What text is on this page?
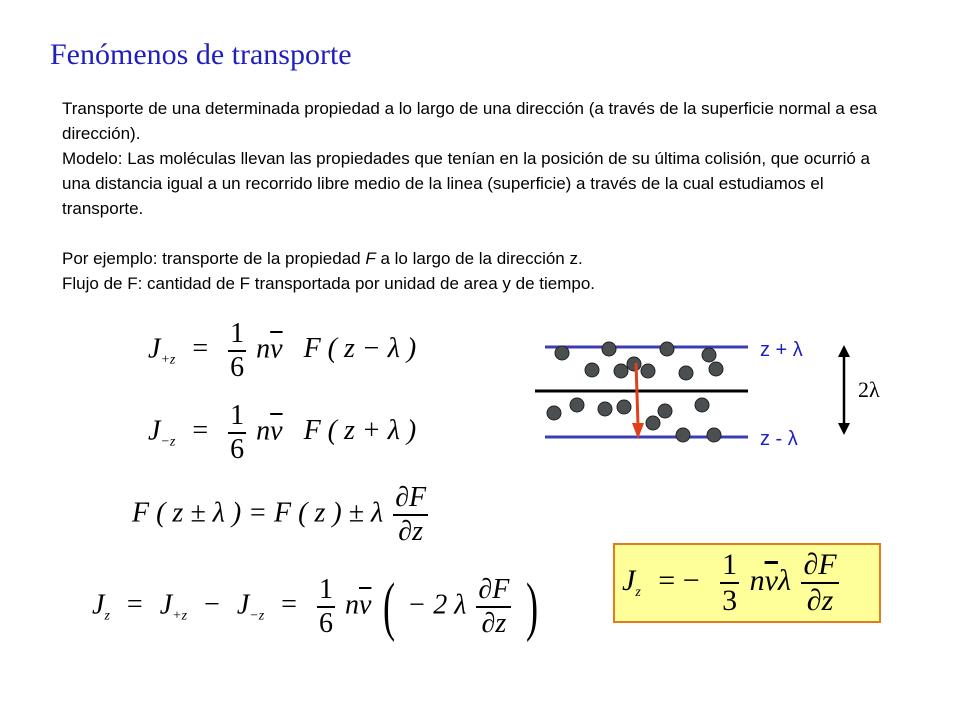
Fenómenos de transporte

Transporte de una determinada propiedad a lo largo de una dirección (a través de la superficie normal a esa dirección).

Modelo: Las moléculas llevan las propiedades que tenían en la posición de su última colisión, que ocurrió a una distancia igual a un recorrido libre medio de la linea (superficie) a través de la cual estudiamos el transporte.

Por ejemplo: transporte de la propiedad F a lo largo de la dirección z.

Flujo de F: cantidad de F transportada por unidad de area y de tiempo.

$J_{+z} = \frac{1}{6} n\overline{v}$ F ( z − λ )
$J_{-z} = \frac{1}{6} n\overline{v}$ F ( z + λ )
F ( z ± λ ) = F ( z ) ± λ $\frac{\partial F}{\partial z}$
$J_z = J_{+z} - J_{-z} = \frac{1}{6} n\overline{v}$ ( − 2 λ $\frac{\partial F}{\partial z}$ )	$J_z$ = − $\frac{1}{3} n\overline{v}\lambda \frac{\partial F}{\partial z}$
z + λ
z - λ
2λ
